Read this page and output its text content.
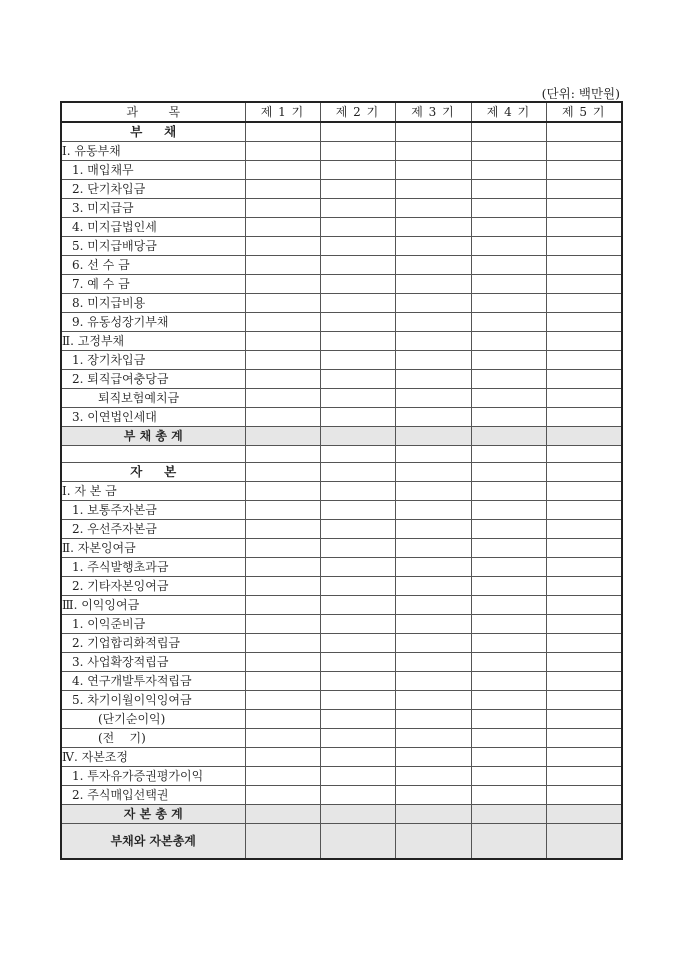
(단위: 백만원)
과        목	제 1 기	제 2 기	제 3 기	제 4 기	제 5 기
부     채					
Ⅰ. 유동부채					
1. 매입채무					
2. 단기차입금					
3. 미지급금					
4. 미지급법인세					
5. 미지급배당금					
6. 선 수 금					
7. 예 수 금					
8. 미지급비용					
9. 유동성장기부채					
Ⅱ. 고정부채					
1. 장기차입금					
2. 퇴직급여충당금					
퇴직보험예치금					
3. 이연법인세대					
부 채 총 계					

자     본					
Ⅰ. 자 본 금					
1. 보통주자본금					
2. 우선주자본금					
Ⅱ. 자본잉여금					
1. 주식발행초과금					
2. 기타자본잉여금					
Ⅲ. 이익잉여금					
1. 이익준비금					
2. 기업합리화적립금					
3. 사업확장적립금					
4. 연구개발투자적립금					
5. 차기이월이익잉여금					
(단기순이익)					
(전    기)					
Ⅳ. 자본조정					
1. 투자유가증권평가이익					
2. 주식매입선택권					
자 본 총 계					
부채와 자본총계					
